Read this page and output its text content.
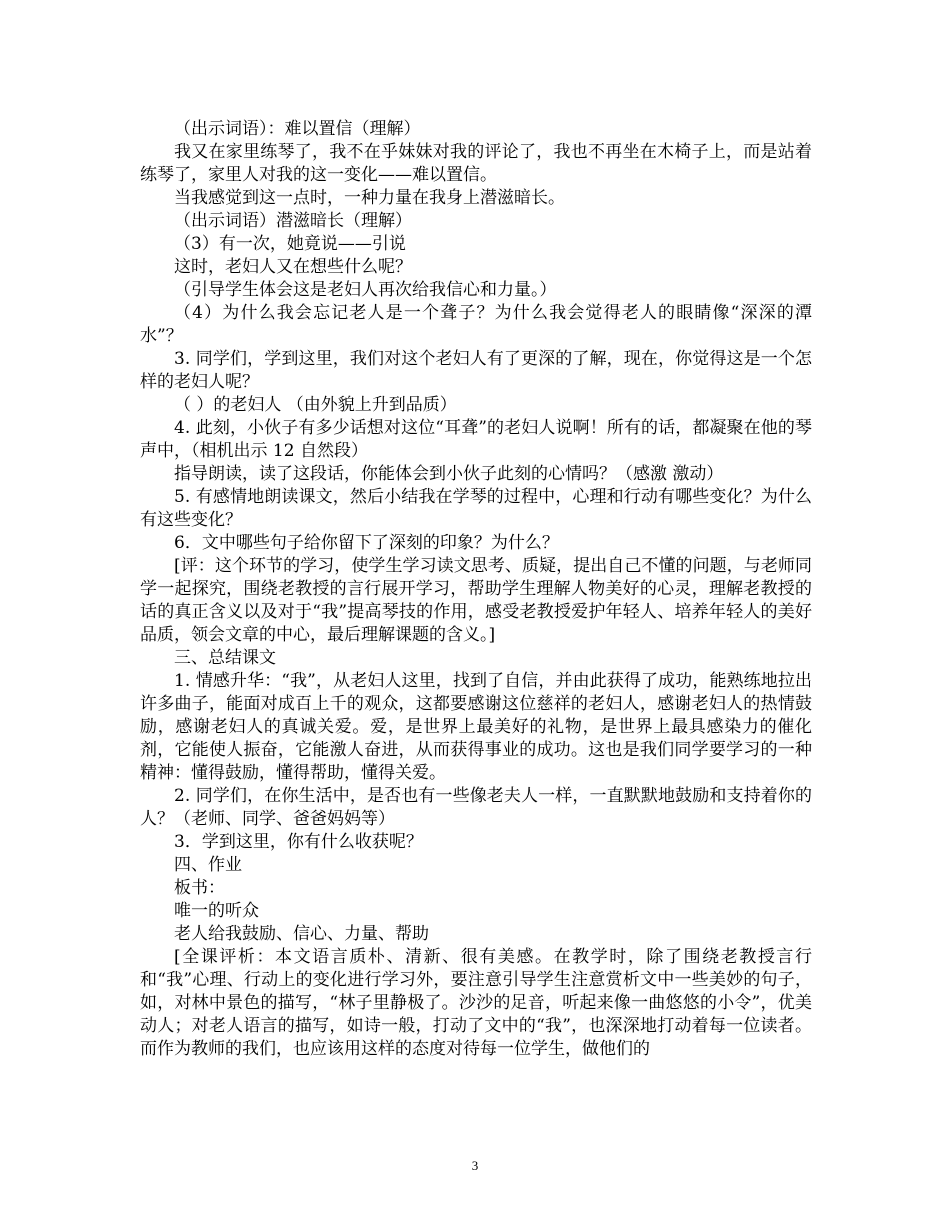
（出示词语）：难以置信（理解）

我又在家里练琴了，我不在乎妹妹对我的评论了，我也不再坐在木椅子上，而是站着练琴了，家里人对我的这一变化——难以置信。

当我感觉到这一点时，一种力量在我身上潜滋暗长。

（出示词语）潜滋暗长（理解）

（3）有一次，她竟说——引说

这时，老妇人又在想些什么呢？

（引导学生体会这是老妇人再次给我信心和力量。）

（4）为什么我会忘记老人是一个聋子？为什么我会觉得老人的眼睛像“深深的潭水”？

3. 同学们，学到这里，我们对这个老妇人有了更深的了解，现在，你觉得这是一个怎样的老妇人呢？

（ ）的老妇人 （由外貌上升到品质）

4. 此刻，小伙子有多少话想对这位“耳聋”的老妇人说啊！所有的话，都凝聚在他的琴声中，（相机出示 12 自然段）

指导朗读，读了这段话，你能体会到小伙子此刻的心情吗？（感激 激动）

5. 有感情地朗读课文，然后小结我在学琴的过程中，心理和行动有哪些变化？为什么有这些变化？

6．文中哪些句子给你留下了深刻的印象？为什么？

[评：这个环节的学习，使学生学习读文思考、质疑，提出自己不懂的问题，与老师同学一起探究，围绕老教授的言行展开学习，帮助学生理解人物美好的心灵，理解老教授的话的真正含义以及对于“我”提高琴技的作用，感受老教授爱护年轻人、培养年轻人的美好品质，领会文章的中心，最后理解课题的含义。]

三、总结课文

1. 情感升华：“我”，从老妇人这里，找到了自信，并由此获得了成功，能熟练地拉出许多曲子，能面对成百上千的观众，这都要感谢这位慈祥的老妇人，感谢老妇人的热情鼓励，感谢老妇人的真诚关爱。爱，是世界上最美好的礼物，是世界上最具感染力的催化剂，它能使人振奋，它能激人奋进，从而获得事业的成功。这也是我们同学要学习的一种精神：懂得鼓励，懂得帮助，懂得关爱。

2. 同学们，在你生活中，是否也有一些像老夫人一样，一直默默地鼓励和支持着你的人？（老师、同学、爸爸妈妈等）

3．学到这里，你有什么收获呢？

四、作业

板书：

唯一的听众

老人给我鼓励、信心、力量、帮助

[全课评析：本文语言质朴、清新、很有美感。在教学时，除了围绕老教授言行和“我”心理、行动上的变化进行学习外，要注意引导学生注意赏析文中一些美妙的句子，如，对林中景色的描写，“林子里静极了。沙沙的足音，听起来像一曲悠悠的小令”，优美动人；对老人语言的描写，如诗一般，打动了文中的“我”，也深深地打动着每一位读者。而作为教师的我们，也应该用这样的态度对待每一位学生，做他们的

3
